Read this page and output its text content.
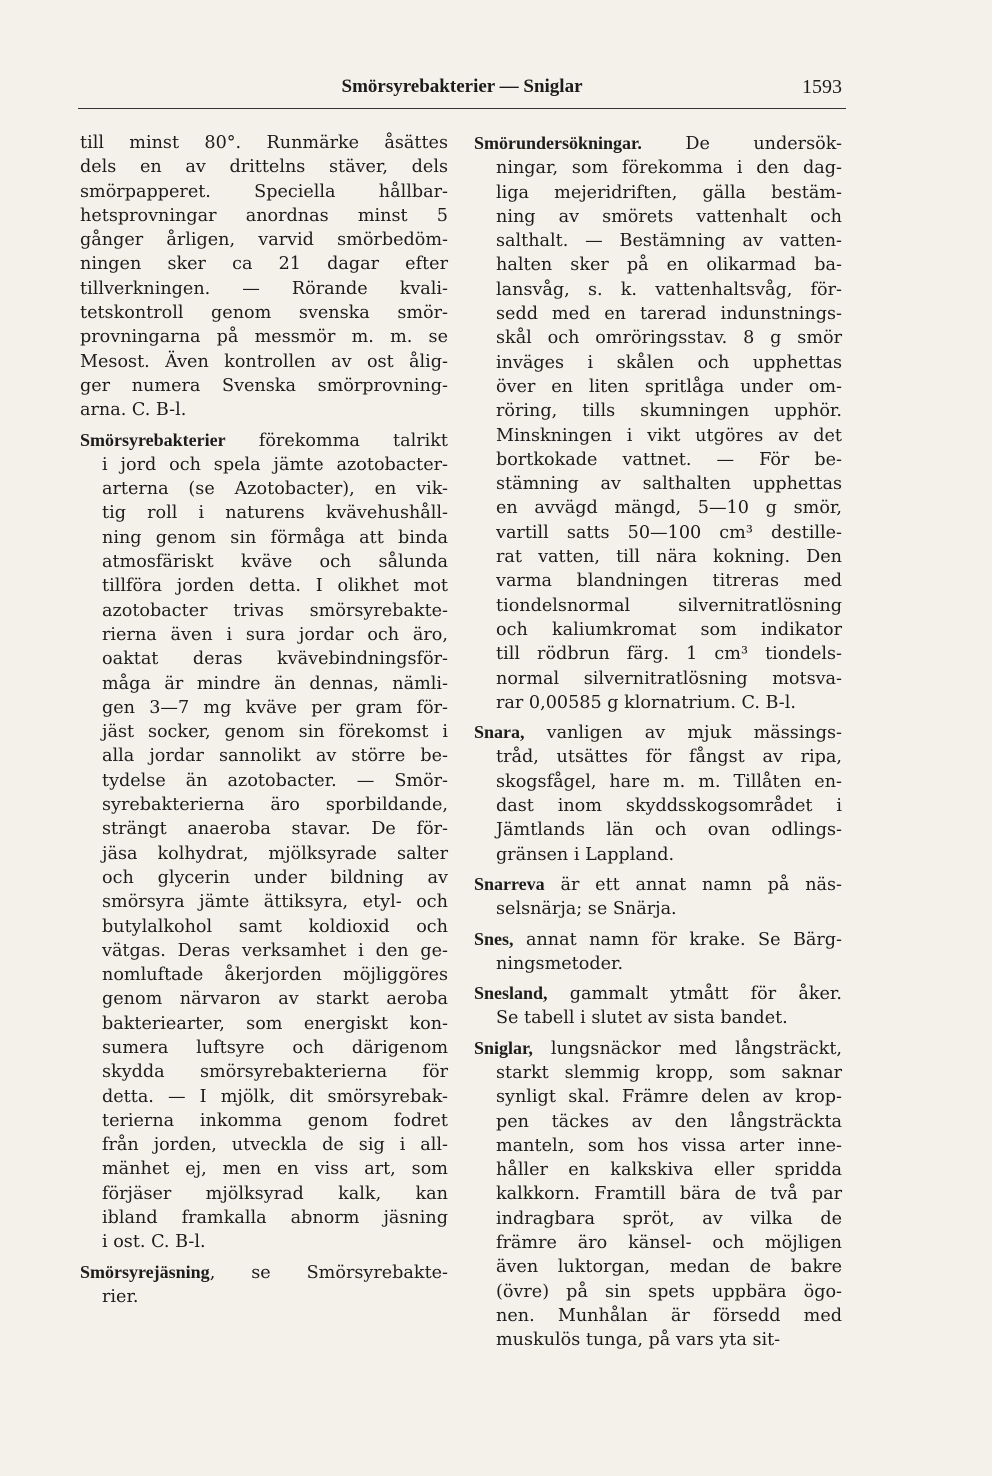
Smörsyrebakterier — Sniglar	1593
till minst 80°. Runmärke åsättes
dels en av drittelns stäver, dels
smörpapperet. Speciella hållbar-
hetsprovningar anordnas minst 5
gånger årligen, varvid smörbedöm-
ningen sker ca 21 dagar efter
tillverkningen. — Rörande kvali-
tetskontroll genom svenska smör-
provningarna på messmör m. m. se
Mesost. Även kontrollen av ost ålig-
ger numera Svenska smörprovning-
arna. C. B-l.
Smörsyrebakterier förekomma talrikt
i jord och spela jämte azotobacter-
arterna (se Azotobacter), en vik-
tig roll i naturens kvävehushåll-
ning genom sin förmåga att binda
atmosfäriskt kväve och sålunda
tillföra jorden detta. I olikhet mot
azotobacter trivas smörsyrebakte-
rierna även i sura jordar och äro,
oaktat deras kvävebindningsför-
måga är mindre än dennas, nämli-
gen 3—7 mg kväve per gram för-
jäst socker, genom sin förekomst i
alla jordar sannolikt av större be-
tydelse än azotobacter. — Smör-
syrebakterierna äro sporbildande,
strängt anaeroba stavar. De för-
jäsa kolhydrat, mjölksyrade salter
och glycerin under bildning av
smörsyra jämte ättiksyra, etyl- och
butylalkohol samt koldioxid och
vätgas. Deras verksamhet i den ge-
nomluftade åkerjorden möjliggöres
genom närvaron av starkt aeroba
bakteriearter, som energiskt kon-
sumera luftsyre och därigenom
skydda smörsyrebakterierna för
detta. — I mjölk, dit smörsyrebak-
terierna inkomma genom fodret
från jorden, utveckla de sig i all-
mänhet ej, men en viss art, som
förjäser mjölksyrad kalk, kan
ibland framkalla abnorm jäsning
i ost. C. B-l.
Smörsyrejäsning, se Smörsyrebakte-
rier.
Smörundersökningar. De undersök-
ningar, som förekomma i den dag-
liga mejeridriften, gälla bestäm-
ning av smörets vattenhalt och
salthalt. — Bestämning av vatten-
halten sker på en olikarmad ba-
lansvåg, s. k. vattenhaltsvåg, för-
sedd med en tarerad indunstnings-
skål och omröringsstav. 8 g smör
inväges i skålen och upphettas
över en liten spritlåga under om-
röring, tills skumningen upphör.
Minskningen i vikt utgöres av det
bortkokade vattnet. — För be-
stämning av salthalten upphettas
en avvägd mängd, 5—10 g smör,
vartill satts 50—100 cm³ destille-
rat vatten, till nära kokning. Den
varma blandningen titreras med
tiondelsnormal silvernitratlösning
och kaliumkromat som indikator
till rödbrun färg. 1 cm³ tiondels-
normal silvernitratlösning motsva-
rar 0,00585 g klornatrium. C. B-l.
Snara, vanligen av mjuk mässings-
tråd, utsättes för fångst av ripa,
skogsfågel, hare m. m. Tillåten en-
dast inom skyddsskogsområdet i
Jämtlands län och ovan odlings-
gränsen i Lappland.
Snarreva är ett annat namn på näs-
selsnärja; se Snärja.
Snes, annat namn för krake. Se Bärg-
ningsmetoder.
Snesland, gammalt ytmått för åker.
Se tabell i slutet av sista bandet.
Sniglar, lungsnäckor med långsträckt,
starkt slemmig kropp, som saknar
synligt skal. Främre delen av krop-
pen täckes av den långsträckta
manteln, som hos vissa arter inne-
håller en kalkskiva eller spridda
kalkkorn. Framtill bära de två par
indragbara spröt, av vilka de
främre äro känsel- och möjligen
även luktorgan, medan de bakre
(övre) på sin spets uppbära ögo-
nen. Munhålan är försedd med
muskulös tunga, på vars yta sit-
